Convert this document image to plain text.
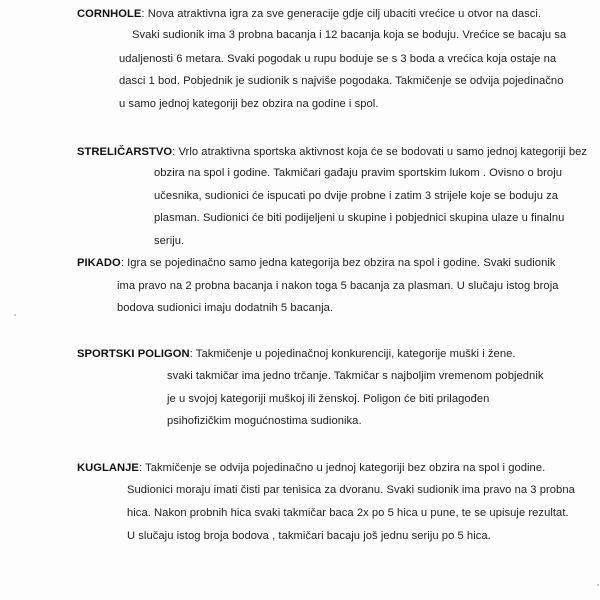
CORNHOLE: Nova atraktivna igra za sve generacije gdje cilj ubaciti vrećice u otvor na dasci.
Svaki sudionik ima 3 probna bacanja i 12 bacanja koja se boduju. Vrećice se bacaju sa
udaljenosti 6 metara. Svaki pogodak u rupu boduje se s 3 boda a vrećica koja ostaje na
dasci 1 bod. Pobjednik je sudionik s najviše pogodaka. Takmičenje se odvija pojedinačno
u samo jednoj kategoriji bez obzira na godine i spol.
STRELIČARSTVO: Vrlo atraktivna sportska aktivnost koja će se bodovati u samo jednoj kategoriji bez
obzira na spol i godine. Takmičari gađaju pravim sportskim lukom . Ovisno o broju
učesnika, sudionici će ispucati po dvije probne i zatim 3 strijele koje se boduju za
plasman. Sudionici će biti podijeljeni u skupine i pobjednici skupina ulaze u finalnu
seriju.
PIKADO: Igra se pojedinačno samo jedna kategorija bez obzira na spol i godine. Svaki sudionik
ima pravo na 2 probna bacanja i nakon toga 5 bacanja za plasman. U slučaju istog broja
bodova sudionici imaju dodatnih 5 bacanja.
SPORTSKI POLIGON: Takmičenje u pojedinačnoj konkurenciji, kategorije muški i žene.
svaki takmičar ima jedno trčanje. Takmičar s najboljim vremenom pobjednik
je u svojoj kategoriji muškoj ili ženskoj. Poligon će biti prilagođen
psihofizičkim mogućnostima sudionika.
KUGLANJE: Takmičenje se odvija pojedinačno u jednoj kategoriji bez obzira na spol i godine.
Sudionici moraju imati čisti par tenisica za dvoranu. Svaki sudionik ima pravo na 3 probna
hica. Nakon probnih hica svaki takmičar baca 2x po 5 hica u pune, te se upisuje rezultat.
U slučaju istog broja bodova , takmičari bacaju još jednu seriju po 5 hica.
